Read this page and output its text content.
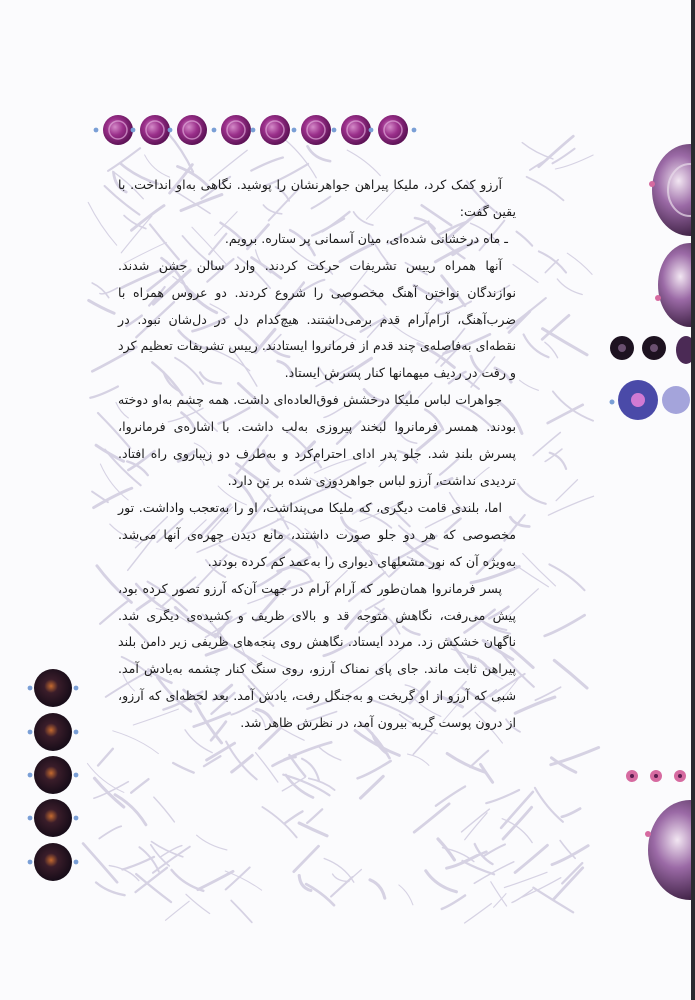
آرزو کمک کرد، ملیکا پیراهن جواهرنشان را پوشید. نگاهی به‌او انداخت. با یقین گفت:

ـ ماه درخشانی شده‌ای، میان آسمانی پر ستاره. برویم.

آنها همراه رییس تشریفات حرکت کردند. وارد سالن جشن شدند. نوازندگان نواختن آهنگ مخصوصی را شروع کردند. دو عروس همراه با ضرب‌آهنگ، آرام‌آرام قدم برمی‌داشتند. هیچ‌کدام دل در دل‌شان نبود. در نقطه‌ای به‌فاصله‌ی چند قدم از فرمانروا ایستادند. رییس تشریفات تعظیم کرد و رفت در ردیف میهمانها کنار پسرش ایستاد.

جواهرات لباس ملیکا درخشش فوق‌العاده‌ای داشت. همه چشم به‌او دوخته بودند. همسر فرمانروا لبخند پیروزی به‌لب داشت. با اشاره‌ی فرمانروا، پسرش بلند شد. جلو پدر ادای احترام‌کرد و به‌طرف دو زیباروی راه افتاد. تردیدی نداشت، آرزو لباس جواهردوزی شده بر تن دارد.

اما، بلندی قامت دیگری، که ملیکا می‌پنداشت، او را به‌تعجب واداشت. تور مخصوصی که هر دو جلو صورت داشتند، مانع دیدن چهره‌ی آنها می‌شد. به‌ویژه آن که نور مشعلهای دیواری را به‌عمد کم کرده بودند.

پسر فرمانروا همان‌طور که آرام آرام در جهت آن‌که آرزو تصور کرده بود، پیش می‌رفت، نگاهش متوجه قد و بالای ظریف و کشیده‌ی دیگری شد. ناگهان خشکش زد. مردد ایستاد. نگاهش روی پنجه‌های ظریفی زیر دامن بلند پیراهن ثابت ماند. جای پای نمناک آرزو، روی سنگ کنار چشمه به‌یادش آمد. شبی که آرزو از او گریخت و به‌جنگل رفت، یادش آمد. بعد لحظه‌ای که آرزو، از درون پوست گربه بیرون آمد، در نظرش ظاهر شد.
